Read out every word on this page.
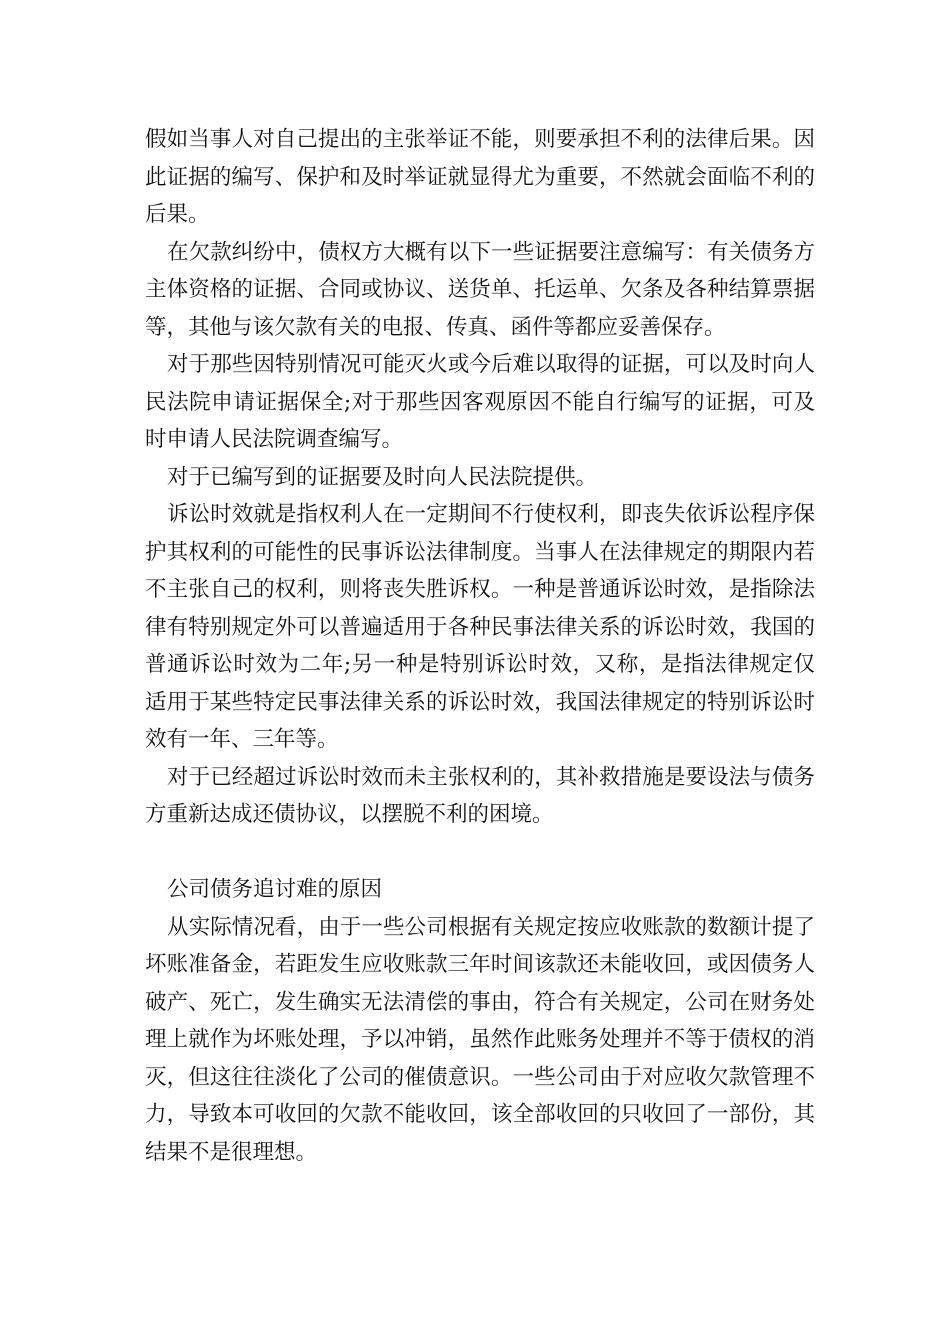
假如当事人对自己提出的主张举证不能，则要承担不利的法律后果。因此证据的编写、保护和及时举证就显得尤为重要，不然就会面临不利的后果。

在欠款纠纷中，债权方大概有以下一些证据要注意编写：有关债务方主体资格的证据、合同或协议、送货单、托运单、欠条及各种结算票据等，其他与该欠款有关的电报、传真、函件等都应妥善保存。

对于那些因特别情况可能灭火或今后难以取得的证据，可以及时向人民法院申请证据保全;对于那些因客观原因不能自行编写的证据，可及时申请人民法院调查编写。

对于已编写到的证据要及时向人民法院提供。

诉讼时效就是指权利人在一定期间不行使权利，即丧失依诉讼程序保护其权利的可能性的民事诉讼法律制度。当事人在法律规定的期限内若不主张自己的权利，则将丧失胜诉权。一种是普通诉讼时效，是指除法律有特别规定外可以普遍适用于各种民事法律关系的诉讼时效，我国的普通诉讼时效为二年;另一种是特别诉讼时效，又称，是指法律规定仅适用于某些特定民事法律关系的诉讼时效，我国法律规定的特别诉讼时效有一年、三年等。

对于已经超过诉讼时效而未主张权利的，其补救措施是要设法与债务方重新达成还债协议，以摆脱不利的困境。

公司债务追讨难的原因

从实际情况看，由于一些公司根据有关规定按应收账款的数额计提了坏账准备金，若距发生应收账款三年时间该款还未能收回，或因债务人破产、死亡，发生确实无法清偿的事由，符合有关规定，公司在财务处理上就作为坏账处理，予以冲销，虽然作此账务处理并不等于债权的消灭，但这往往淡化了公司的催债意识。一些公司由于对应收欠款管理不力，导致本可收回的欠款不能收回，该全部收回的只收回了一部份，其结果不是很理想。
